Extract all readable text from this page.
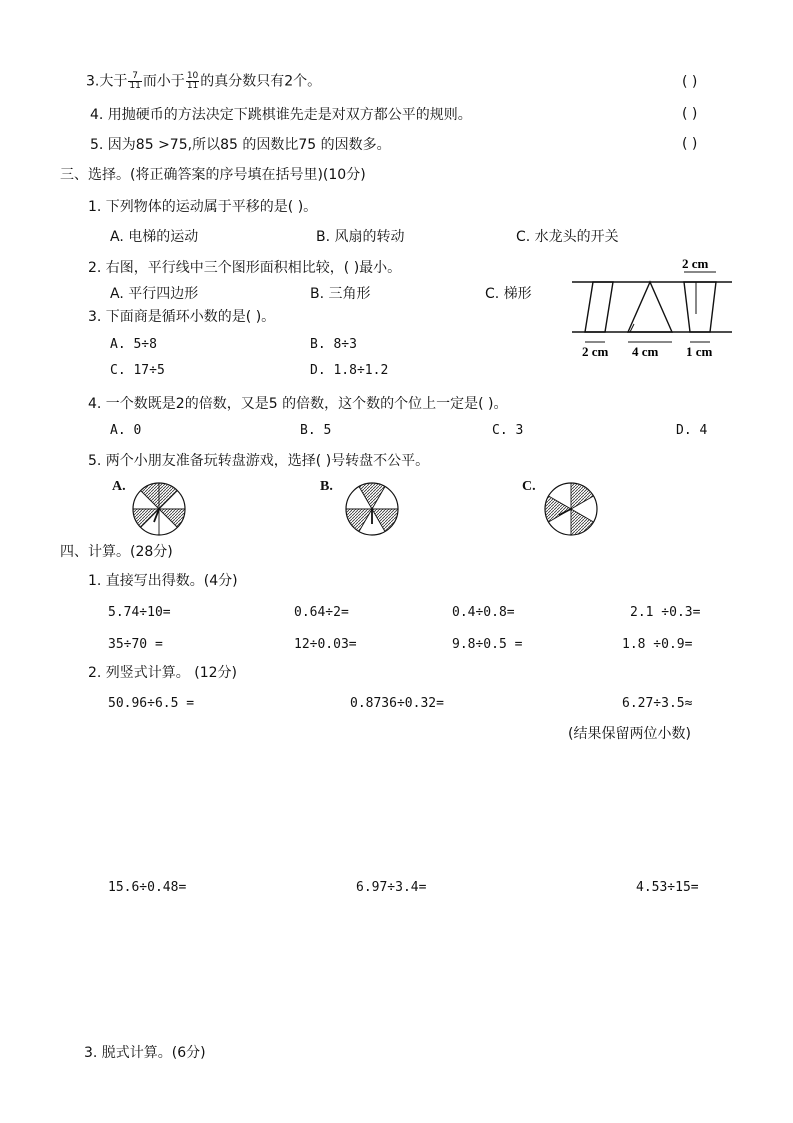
3.大于 $\frac{7}{11}$ 而小于 $\frac{10}{11}$ 的真分数只有2个。	( )
4. 用抛硬币的方法决定下跳棋谁先走是对双方都公平的规则。	( )
5. 因为85 >75,所以85 的因数比75 的因数多。	( )
三、选择。(将正确答案的序号填在括号里)(10分)
1. 下列物体的运动属于平移的是( )。
A. 电梯的运动	B. 风扇的转动	C. 水龙头的开关
2. 右图，平行线中三个图形面积相比较，( )最小。
A. 平行四边形	B. 三角形	C. 梯形
2 cm
2 cm 4 cm 1 cm
3. 下面商是循环小数的是( )。
A. 5÷8	B. 8÷3
C. 17÷5	D. 1.8÷1.2
4. 一个数既是2的倍数，又是5 的倍数，这个数的个位上一定是( )。
A. 0	B. 5	C. 3	D. 4
5. 两个小朋友准备玩转盘游戏，选择( )号转盘不公平。
A.	B.	C.
四、计算。(28分)
1. 直接写出得数。(4分)
5.74÷10=	0.64÷2=	0.4÷0.8=	2.1 ÷0.3=
35÷70 =	12÷0.03=	9.8÷0.5 =	1.8 ÷0.9=
2. 列竖式计算。 (12分)
50.96÷6.5 =	0.8736÷0.32=	6.27÷3.5≈
(结果保留两位小数)
15.6÷0.48=	6.97÷3.4=	4.53÷15=
3. 脱式计算。(6分)
